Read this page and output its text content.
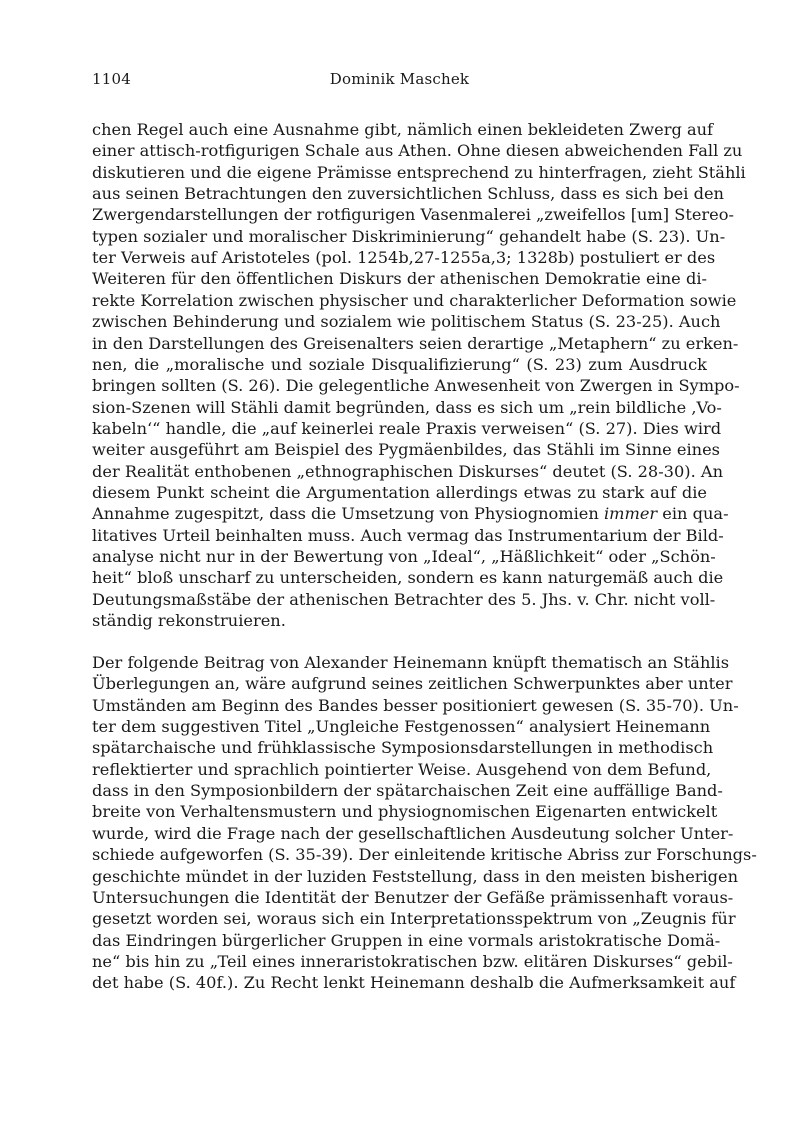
1104	Dominik Maschek
chen Regel auch eine Ausnahme gibt, nämlich einen bekleideten Zwerg auf
einer attisch-rotfigurigen Schale aus Athen. Ohne diesen abweichenden Fall zu
diskutieren und die eigene Prämisse entsprechend zu hinterfragen, zieht Stähli
aus seinen Betrachtungen den zuversichtlichen Schluss, dass es sich bei den
Zwergendarstellungen der rotfigurigen Vasenmalerei „zweifellos [um] Stereo-
typen sozialer und moralischer Diskriminierung“ gehandelt habe (S. 23). Un-
ter Verweis auf Aristoteles (pol. 1254b,27-1255a,3; 1328b) postuliert er des
Weiteren für den öffentlichen Diskurs der athenischen Demokratie eine di-
rekte Korrelation zwischen physischer und charakterlicher Deformation sowie
zwischen Behinderung und sozialem wie politischem Status (S. 23-25). Auch
in den Darstellungen des Greisenalters seien derartige „Metaphern“ zu erken-
nen, die „moralische und soziale Disqualifizierung“ (S. 23) zum Ausdruck
bringen sollten (S. 26). Die gelegentliche Anwesenheit von Zwergen in Sympo-
sion-Szenen will Stähli damit begründen, dass es sich um „rein bildliche ‚Vo-
kabeln‘“ handle, die „auf keinerlei reale Praxis verweisen“ (S. 27). Dies wird
weiter ausgeführt am Beispiel des Pygmäenbildes, das Stähli im Sinne eines
der Realität enthobenen „ethnographischen Diskurses“ deutet (S. 28-30). An
diesem Punkt scheint die Argumentation allerdings etwas zu stark auf die
Annahme zugespitzt, dass die Umsetzung von Physiognomien immer ein qua-
litatives Urteil beinhalten muss. Auch vermag das Instrumentarium der Bild-
analyse nicht nur in der Bewertung von „Ideal“, „Häßlichkeit“ oder „Schön-
heit“ bloß unscharf zu unterscheiden, sondern es kann naturgemäß auch die
Deutungsmaßstäbe der athenischen Betrachter des 5. Jhs. v. Chr. nicht voll-
ständig rekonstruieren.
Der folgende Beitrag von Alexander Heinemann knüpft thematisch an Stählis
Überlegungen an, wäre aufgrund seines zeitlichen Schwerpunktes aber unter
Umständen am Beginn des Bandes besser positioniert gewesen (S. 35-70). Un-
ter dem suggestiven Titel „Ungleiche Festgenossen“ analysiert Heinemann
spätarchaische und frühklassische Symposionsdarstellungen in methodisch
reflektierter und sprachlich pointierter Weise. Ausgehend von dem Befund,
dass in den Symposionbildern der spätarchaischen Zeit eine auffällige Band-
breite von Verhaltensmustern und physiognomischen Eigenarten entwickelt
wurde, wird die Frage nach der gesellschaftlichen Ausdeutung solcher Unter-
schiede aufgeworfen (S. 35-39). Der einleitende kritische Abriss zur Forschungs-
geschichte mündet in der luziden Feststellung, dass in den meisten bisherigen
Untersuchungen die Identität der Benutzer der Gefäße prämissenhaft voraus-
gesetzt worden sei, woraus sich ein Interpretationsspektrum von „Zeugnis für
das Eindringen bürgerlicher Gruppen in eine vormals aristokratische Domä-
ne“ bis hin zu „Teil eines inneraristokratischen bzw. elitären Diskurses“ gebil-
det habe (S. 40f.). Zu Recht lenkt Heinemann deshalb die Aufmerksamkeit auf
